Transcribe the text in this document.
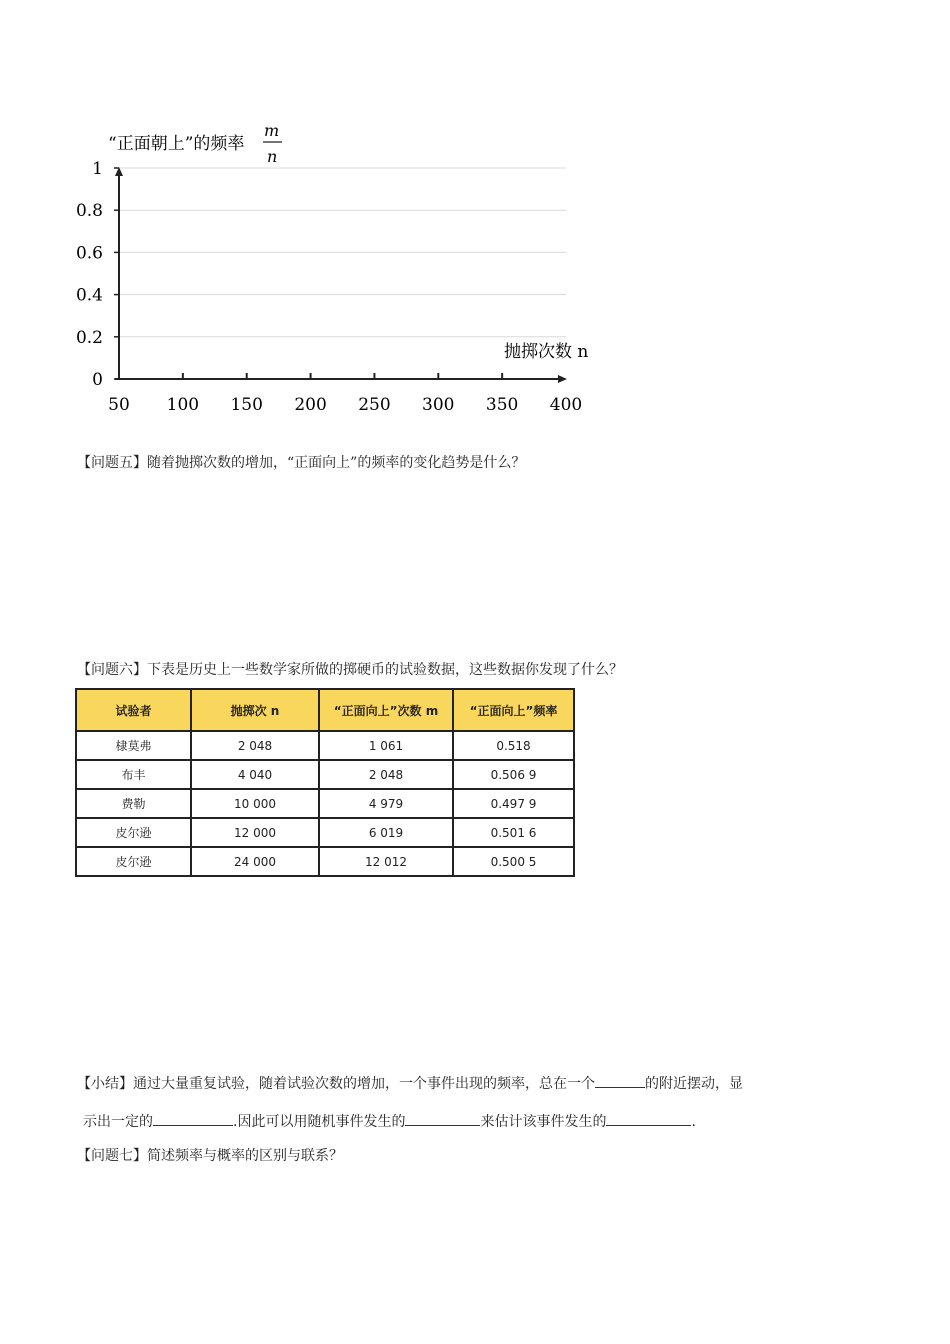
0
0.2
0.4
0.6
0.8
1
50 100 150 200 250 300 350 400
“正面朝上”的频率
m
n
抛掷次数 n
【问题五】随着抛掷次数的增加，“正面向上”的频率的变化趋势是什么？
【问题六】下表是历史上一些数学家所做的掷硬币的试验数据，这些数据你发现了什么？
试验者	抛掷次 n	“正面向上”次数 m	“正面向上”频率
棣莫弗	2 048	1 061	0.518
布丰	4 040	2 048	0.506 9
费勒	10 000	4 979	0.497 9
皮尔逊	12 000	6 019	0.501 6
皮尔逊	24 000	12 012	0.500 5
【小结】通过大量重复试验，随着试验次数的增加，一个事件出现的频率，总在一个	的附近摆动，显
示出一定的	.因此可以用随机事件发生的	来估计该事件发生的	.
【问题七】简述频率与概率的区别与联系？
